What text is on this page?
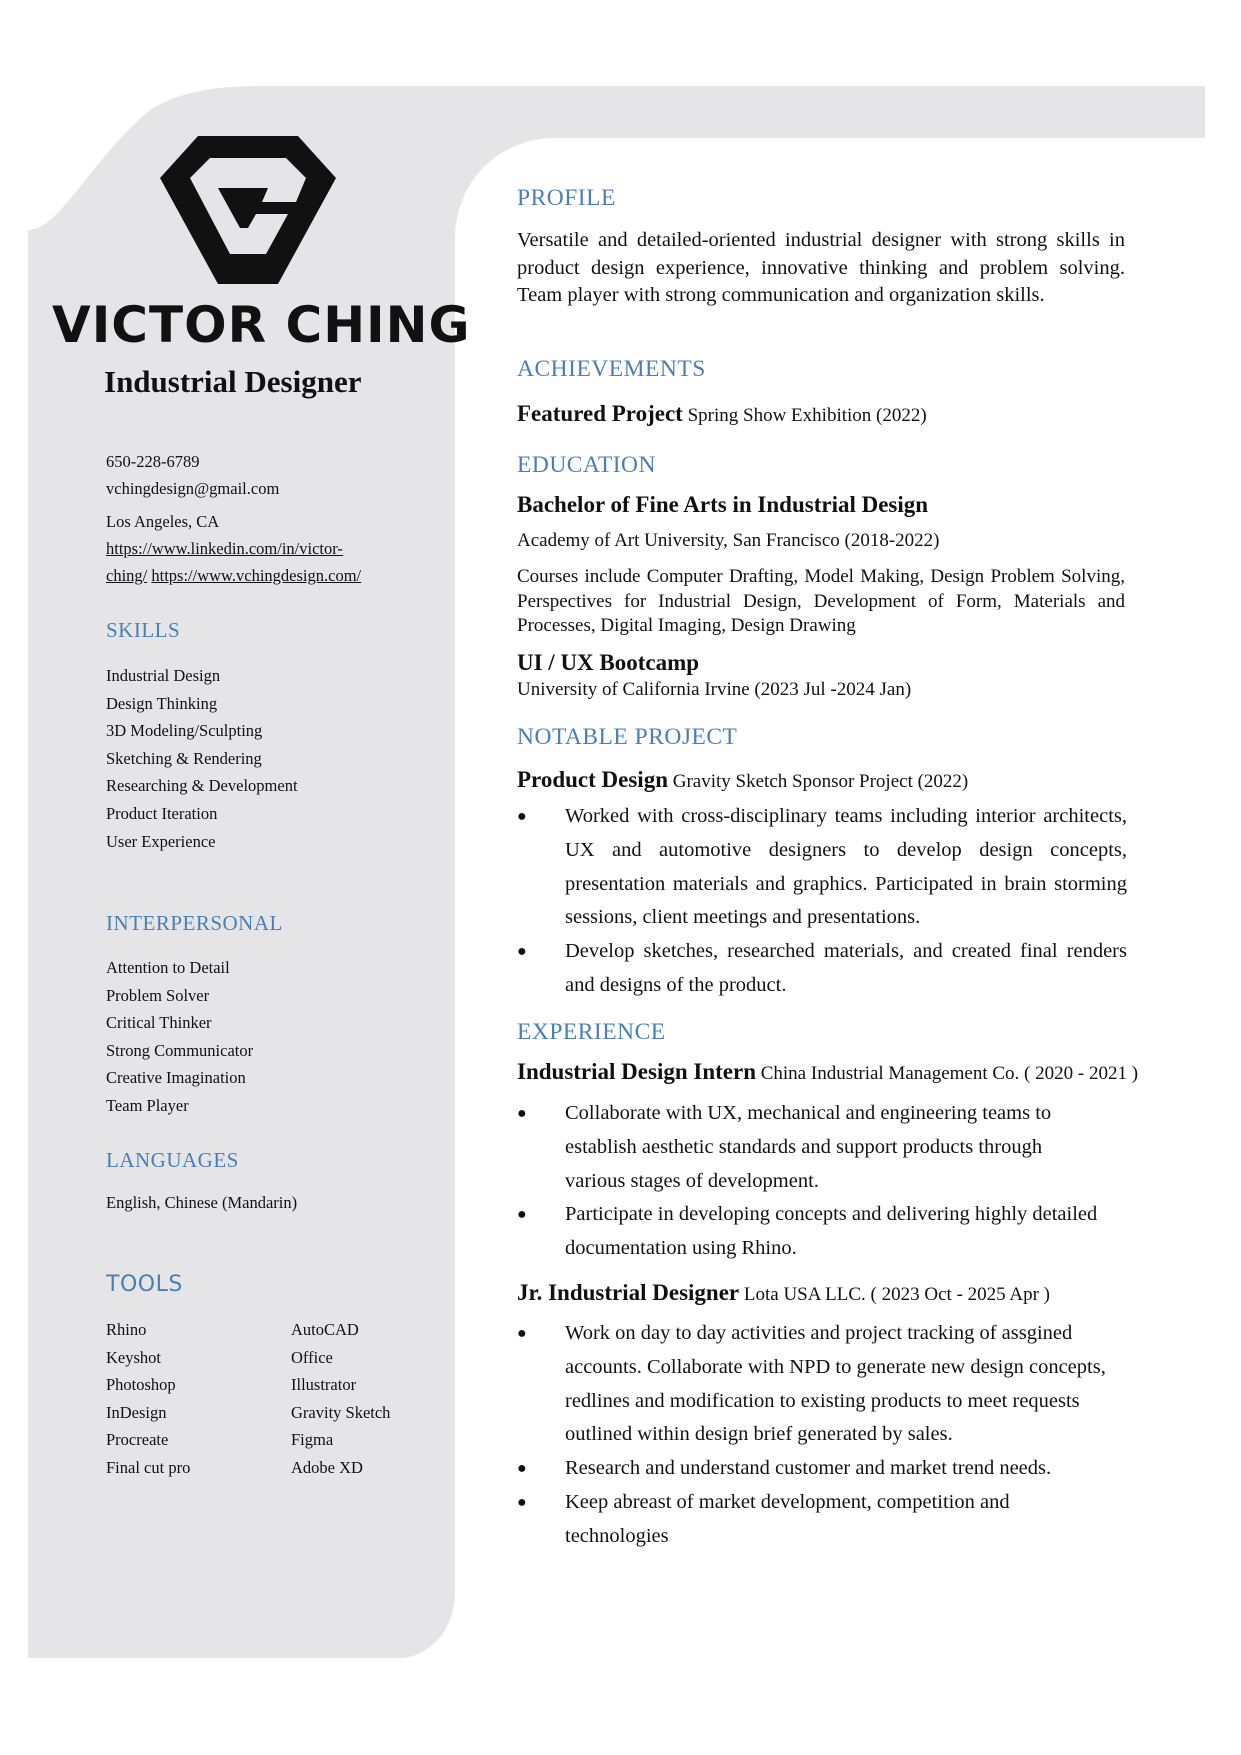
VICTOR CHING
Industrial Designer
650-228-6789
vchingdesign@gmail.com
Los Angeles, CA
https://www.linkedin.com/in/victor-
ching/ https://www.vchingdesign.com/
SKILLS
Industrial Design
Design Thinking
3D Modeling/Sculpting
Sketching & Rendering
Researching & Development
Product Iteration
User Experience
INTERPERSONAL
Attention to Detail
Problem Solver
Critical Thinker
Strong Communicator
Creative Imagination
Team Player
LANGUAGES
English, Chinese (Mandarin)
TOOLS
Rhino
Keyshot
Photoshop
InDesign
Procreate
Final cut pro
AutoCAD
Office
Illustrator
Gravity Sketch
Figma
Adobe XD
PROFILE
Versatile and detailed-oriented industrial designer with strong skills in product design experience, innovative thinking and problem solving. Team player with strong communication and organization skills.
ACHIEVEMENTS
Featured Project Spring Show Exhibition (2022)
EDUCATION
Bachelor of Fine Arts in Industrial Design
Academy of Art University, San Francisco (2018-2022)
Courses include Computer Drafting, Model Making, Design Problem Solving, Perspectives for Industrial Design, Development of Form, Materials and Processes, Digital Imaging, Design Drawing
UI / UX Bootcamp
University of California Irvine (2023 Jul -2024 Jan)
NOTABLE PROJECT
Product Design Gravity Sketch Sponsor Project (2022)
● Worked with cross-disciplinary teams including interior architects, UX and automotive designers to develop design concepts, presentation materials and graphics. Participated in brain storming sessions, client meetings and presentations.
● Develop sketches, researched materials, and created final renders and designs of the product.
EXPERIENCE
Industrial Design Intern China Industrial Management Co. ( 2020 - 2021 )
● Collaborate with UX, mechanical and engineering teams to establish aesthetic standards and support products through various stages of development.
● Participate in developing concepts and delivering highly detailed documentation using Rhino.
Jr. Industrial Designer Lota USA LLC. ( 2023 Oct - 2025 Apr )
● Work on day to day activities and project tracking of assgined accounts. Collaborate with NPD to generate new design concepts, redlines and modification to existing products to meet requests outlined within design brief generated by sales.
● Research and understand customer and market trend needs.
● Keep abreast of market development, competition and technologies
